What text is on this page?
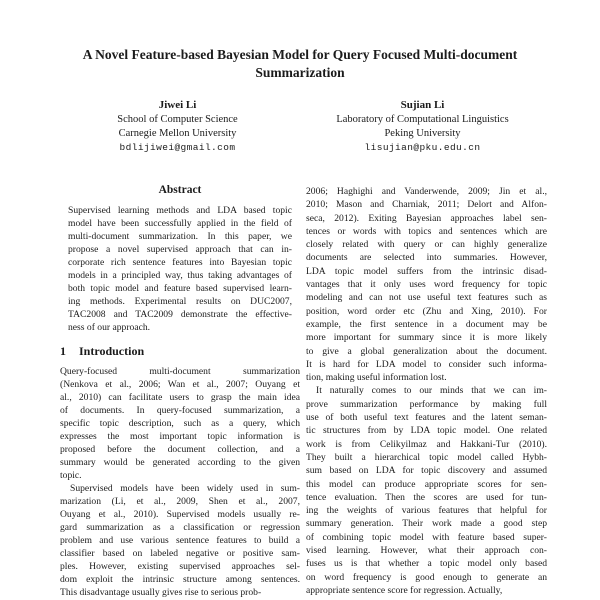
A Novel Feature-based Bayesian Model for Query Focused Multi-document
Summarization
Jiwei Li
School of Computer Science
Carnegie Mellon University
bdlijiwei@gmail.com
Sujian Li
Laboratory of Computational Linguistics
Peking University
lisujian@pku.edu.cn
Abstract
Supervised learning methods and LDA based topic
model have been successfully applied in the field of
multi-document summarization. In this paper, we
propose a novel supervised approach that can in-
corporate rich sentence features into Bayesian topic
models in a principled way, thus taking advantages of
both topic model and feature based supervised learn-
ing methods. Experimental results on DUC2007,
TAC2008 and TAC2009 demonstrate the effective-
ness of our approach.
1 Introduction
Query-focused multi-document summarization
(Nenkova et al., 2006; Wan et al., 2007; Ouyang et
al., 2010) can facilitate users to grasp the main idea
of documents. In query-focused summarization, a
specific topic description, such as a query, which
expresses the most important topic information is
proposed before the document collection, and a
summary would be generated according to the given
topic.
Supervised models have been widely used in sum-
marization (Li, et al., 2009, Shen et al., 2007,
Ouyang et al., 2010). Supervised models usually re-
gard summarization as a classification or regression
problem and use various sentence features to build a
classifier based on labeled negative or positive sam-
ples. However, existing supervised approaches sel-
dom exploit the intrinsic structure among sentences.
This disadvantage usually gives rise to serious prob-
2006; Haghighi and Vanderwende, 2009; Jin et al.,
2010; Mason and Charniak, 2011; Delort and Alfon-
seca, 2012). Exiting Bayesian approaches label sen-
tences or words with topics and sentences which are
closely related with query or can highly generalize
documents are selected into summaries. However,
LDA topic model suffers from the intrinsic disad-
vantages that it only uses word frequency for topic
modeling and can not use useful text features such as
position, word order etc (Zhu and Xing, 2010). For
example, the first sentence in a document may be
more important for summary since it is more likely
to give a global generalization about the document.
It is hard for LDA model to consider such informa-
tion, making useful information lost.
It naturally comes to our minds that we can im-
prove summarization performance by making full
use of both useful text features and the latent seman-
tic structures from by LDA topic model. One related
work is from Celikyilmaz and Hakkani-Tur (2010).
They built a hierarchical topic model called Hybh-
sum based on LDA for topic discovery and assumed
this model can produce appropriate scores for sen-
tence evaluation. Then the scores are used for tun-
ing the weights of various features that helpful for
summary generation. Their work made a good step
of combining topic model with feature based super-
vised learning. However, what their approach con-
fuses us is that whether a topic model only based
on word frequency is good enough to generate an
appropriate sentence score for regression. Actually,
